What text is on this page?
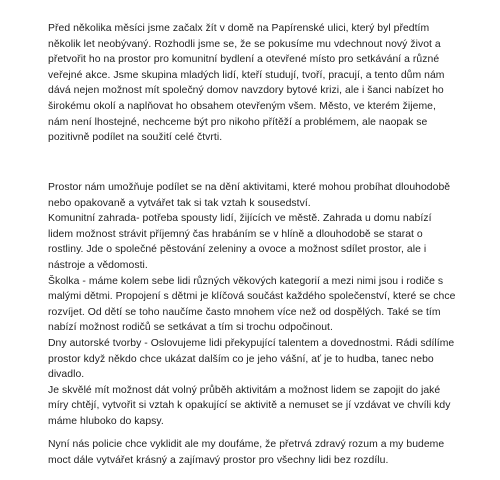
Před několika měsíci jsme začalx žít v domě na Papírenské ulici, který byl předtím
několik let neobývaný. Rozhodli jsme se, že se pokusíme mu vdechnout nový život a
přetvořit ho na prostor pro komunitní bydlení a otevřené místo pro setkávání a různé
veřejné akce. Jsme skupina mladých lidí, kteří studují, tvoří, pracují, a tento dům nám
dává nejen možnost mít společný domov navzdory bytové krizi, ale i šanci nabízet ho
širokému okolí a naplňovat ho obsahem otevřeným všem. Město, ve kterém žijeme,
nám není lhostejné, nechceme být pro nikoho přítěží a problémem, ale naopak se
pozitivně podílet na soužití celé čtvrti.
Prostor nám umožňuje podílet se na dění aktivitami, které mohou probíhat dlouhodobě
nebo opakovaně a vytvářet tak si tak vztah k sousedství.
Komunitní zahrada- potřeba spousty lidí, žijících ve městě. Zahrada u domu nabízí
lidem možnost strávit příjemný čas hrabáním se v hlíně a dlouhodobě se starat o
rostliny. Jde o společné pěstování zeleniny a ovoce a možnost sdílet prostor, ale i
nástroje a vědomosti.
Školka - máme kolem sebe lidi různých věkových kategorií a mezi nimi jsou i rodiče s
malými dětmi. Propojení s dětmi je klíčová součást každého společenství, které se chce
rozvíjet. Od dětí se toho naučíme často mnohem více než od dospělých. Také se tím
nabízí možnost rodičů se setkávat a tím si trochu odpočinout.
Dny autorské tvorby - Oslovujeme lidi překypující talentem a dovednostmi. Rádi sdílíme
prostor když někdo chce ukázat dalším co je jeho vášní, ať je to hudba, tanec nebo
divadlo.
Je skvělé mít možnost dát volný průběh aktivitám a možnost lidem se zapojit do jaké
míry chtějí, vytvořit si vztah k opakující se aktivitě a nemuset se jí vzdávat ve chvíli kdy
máme hluboko do kapsy.
Nyní nás policie chce vyklidit ale my doufáme, že přetrvá zdravý rozum a my budeme
moct dále vytvářet krásný a zajímavý prostor pro všechny lidi bez rozdílu.
